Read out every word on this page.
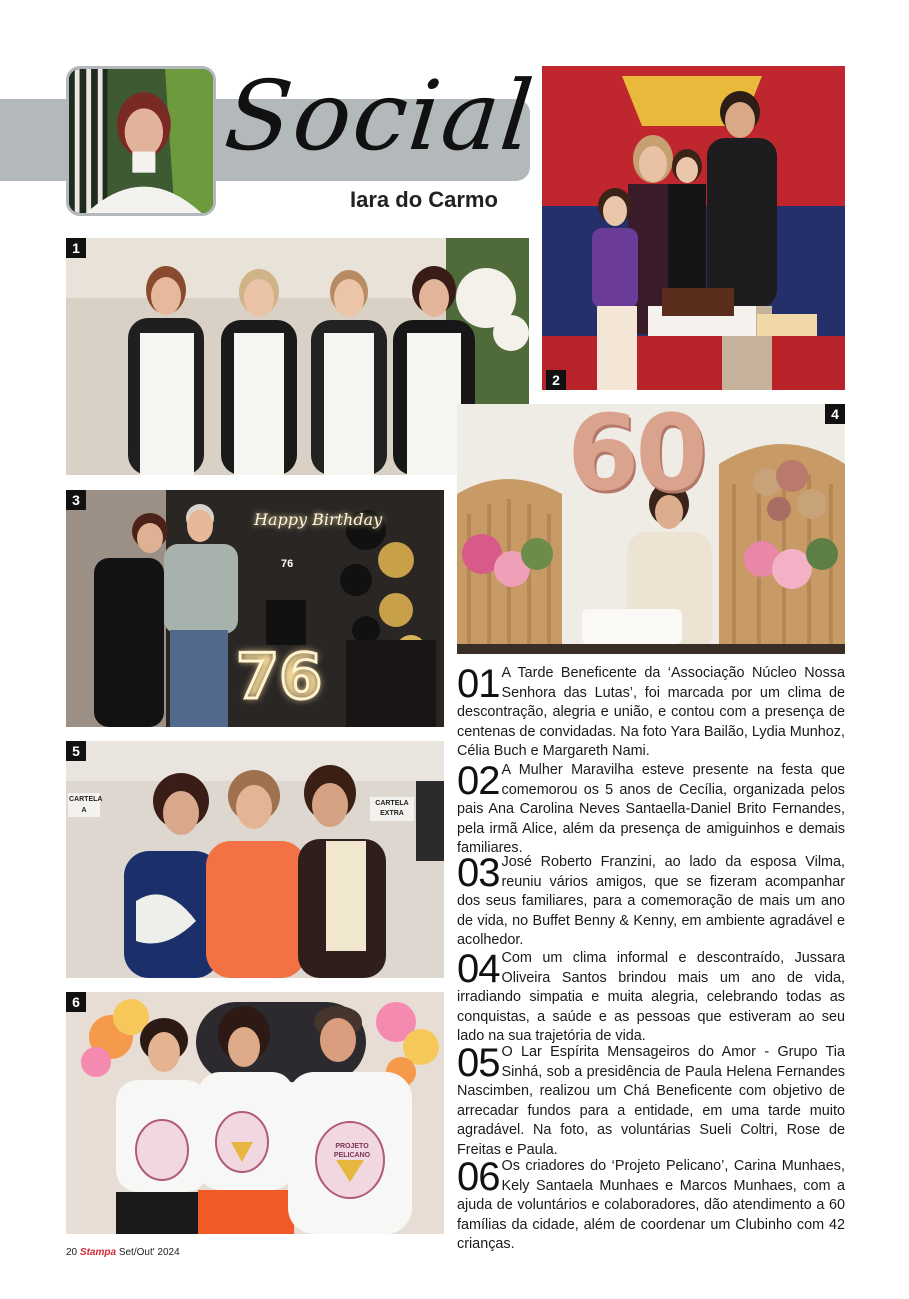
Social
Iara do Carmo
1
2
Happy Birthday
76
76
3	60	4
CARTELA A
CARTELA EXTRA
5
PROJETO PELICANO
6
01 A Tarde Beneficente da ‘Associação Núcleo Nossa Senhora das Lutas’, foi marcada por um clima de descontração, alegria e união, e contou com a presença de centenas de convidadas. Na foto Yara Bailão, Lydia Munhoz, Célia Buch e Margareth Nami.
02 A Mulher Maravilha esteve presente na festa que comemorou os 5 anos de Cecília, organizada pelos pais Ana Carolina Neves Santaella-Daniel Brito Fernandes, pela irmã Alice, além da presença de amiguinhos e demais familiares.
03 José Roberto Franzini, ao lado da esposa Vilma, reuniu vários amigos, que se fizeram acompanhar dos seus familiares, para a comemoração de mais um ano de vida, no Buffet Benny & Kenny, em ambiente agradável e acolhedor.
04 Com um clima informal e descontraído, Jussara Oliveira Santos brindou mais um ano de vida, irradiando simpatia e muita alegria, celebrando todas as conquistas, a saúde e as pessoas que estiveram ao seu lado na sua trajetória de vida.
05 O Lar Espírita Mensageiros do Amor - Grupo Tia Sinhá, sob a presidência de Paula Helena Fernandes Nascimben, realizou um Chá Beneficente com objetivo de arrecadar fundos para a entidade, em uma tarde muito agradável. Na foto, as voluntárias Sueli Coltri, Rose de Freitas e Paula.
06 Os criadores do ‘Projeto Pelicano’, Carina Munhaes, Kely Santaela Munhaes e Marcos Munhaes, com a ajuda de voluntários e colaboradores, dão atendimento a 60 famílias da cidade, além de coordenar um Clubinho com 42 crianças.
20 Stampa Set/Out' 2024
